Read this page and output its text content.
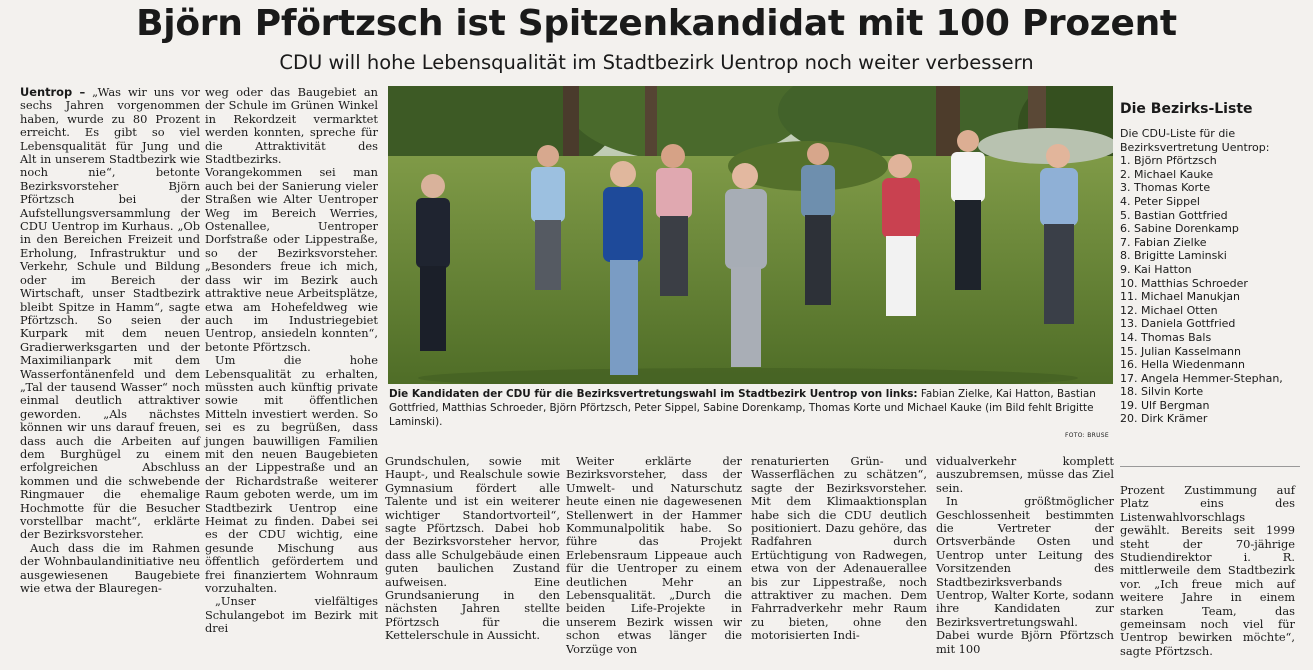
Björn Pförtzsch ist Spitzenkandidat mit 100 Prozent
CDU will hohe Lebensqualität im Stadtbezirk Uentrop noch weiter verbessern

Uentrop – „Was wir uns vor sechs Jahren vorgenommen haben, wurde zu 80 Prozent erreicht. Es gibt so viel Lebensqualität für Jung und Alt in unserem Stadtbezirk wie noch nie“, betonte Bezirksvorsteher Björn Pförtzsch bei der Aufstellungsversammlung der CDU Uentrop im Kurhaus. „Ob in den Bereichen Freizeit und Erholung, Infrastruktur und Verkehr, Schule und Bildung oder im Bereich der Wirtschaft, unser Stadtbezirk bleibt Spitze in Hamm“, sagte Pförtzsch. So seien der Kurpark mit dem neuen Gradierwerksgarten und der Maximilianpark mit dem Wasserfontänenfeld und dem „Tal der tausend Wasser“ noch einmal deutlich attraktiver geworden. „Als nächstes können wir uns darauf freuen, dass auch die Arbeiten auf dem Burghügel zu einem erfolgreichen Abschluss kommen und die schwebende Ringmauer die ehemalige Hochmotte für die Besucher vorstellbar macht“, erklärte der Bezirksvorsteher.

Auch dass die im Rahmen der Wohnbaulandinitiative neu ausgewiesenen Baugebiete wie etwa der Blauregen-

weg oder das Baugebiet an der Schule im Grünen Winkel in Rekordzeit vermarktet werden konnten, spreche für die Attraktivität des Stadtbezirks. Vorangekommen sei man auch bei der Sanierung vieler Straßen wie Alter Uentroper Weg im Bereich Werries, Ostenallee, Uentroper Dorfstraße oder Lippestraße, so der Bezirksvorsteher. „Besonders freue ich mich, dass wir im Bezirk auch attraktive neue Arbeitsplätze, etwa am Hohefeldweg wie auch im Industriegebiet Uentrop, ansiedeln konnten“, betonte Pförtzsch.

Um die hohe Lebensqualität zu erhalten, müssten auch künftig private sowie mit öffentlichen Mitteln investiert werden. So sei es zu begrüßen, dass jungen bauwilligen Familien mit den neuen Baugebieten an der Lippestraße und an der Richardstraße weiterer Raum geboten werde, um im Stadtbezirk Uentrop eine Heimat zu finden. Dabei sei es der CDU wichtig, eine gesunde Mischung aus öffentlich gefördertem und frei finanziertem Wohnraum vorzuhalten.

„Unser vielfältiges Schulangebot im Bezirk mit drei

Die Kandidaten der CDU für die Bezirksvertretungswahl im Stadtbezirk Uentrop von links: Fabian Zielke, Kai Hatton, Bastian Gottfried, Matthias Schroeder, Björn Pförtzsch, Peter Sippel, Sabine Dorenkamp, Thomas Korte und Michael Kauke (im Bild fehlt Brigitte Laminski).
FOTO: BRUSE

Grundschulen, sowie mit Haupt-, und Realschule sowie Gymnasium fördert alle Talente und ist ein weiterer wichtiger Standortvorteil“, sagte Pförtzsch. Dabei hob der Bezirksvorsteher hervor, dass alle Schulgebäude einen guten baulichen Zustand aufweisen. Eine Grundsanierung in den nächsten Jahren stellte Pförtzsch für die Kettelerschule in Aussicht.

Weiter erklärte der Bezirksvorsteher, dass der Umwelt- und Naturschutz heute einen nie dagewesenen Stellenwert in der Hammer Kommunalpolitik habe. So führe das Projekt Erlebensraum Lippeaue auch für die Uentroper zu einem deutlichen Mehr an Lebensqualität. „Durch die beiden Life-Projekte in unserem Bezirk wissen wir schon etwas länger die Vorzüge von

renaturierten Grün- und Wasserflächen zu schätzen“, sagte der Bezirksvorsteher. Mit dem Klimaaktionsplan habe sich die CDU deutlich positioniert. Dazu gehöre, das Radfahren durch Ertüchtigung von Radwegen, etwa von der Adenauerallee bis zur Lippestraße, noch attraktiver zu machen. Dem Fahrradverkehr mehr Raum zu bieten, ohne den motorisierten Indi-

vidualverkehr komplett auszubremsen, müsse das Ziel sein.

In größtmöglicher Geschlossenheit bestimmten die Vertreter der Ortsverbände Osten und Uentrop unter Leitung des Vorsitzenden des Stadtbezirksverbands Uentrop, Walter Korte, sodann ihre Kandidaten zur Bezirksvertretungswahl. Dabei wurde Björn Pförtzsch mit 100

Die Bezirks-Liste
Die CDU-Liste für die Bezirksvertretung Uentrop:
1. Björn Pförtzsch
2. Michael Kauke
3. Thomas Korte
4. Peter Sippel
5. Bastian Gottfried
6. Sabine Dorenkamp
7. Fabian Zielke
8. Brigitte Laminski
9. Kai Hatton
10. Matthias Schroeder
11. Michael Manukjan
12. Michael Otten
13. Daniela Gottfried
14. Thomas Bals
15. Julian Kasselmann
16. Hella Wiedenmann
17. Angela Hemmer-Stephan,
18. Silvin Korte
19. Ulf Bergman
20. Dirk Krämer

Prozent Zustimmung auf Platz eins des Listenwahlvorschlags gewählt. Bereits seit 1999 steht der 70-jährige Studiendirektor i. R. mittlerweile dem Stadtbezirk vor. „Ich freue mich auf weitere Jahre in einem starken Team, das gemeinsam noch viel für Uentrop bewirken möchte“, sagte Pförtzsch.
